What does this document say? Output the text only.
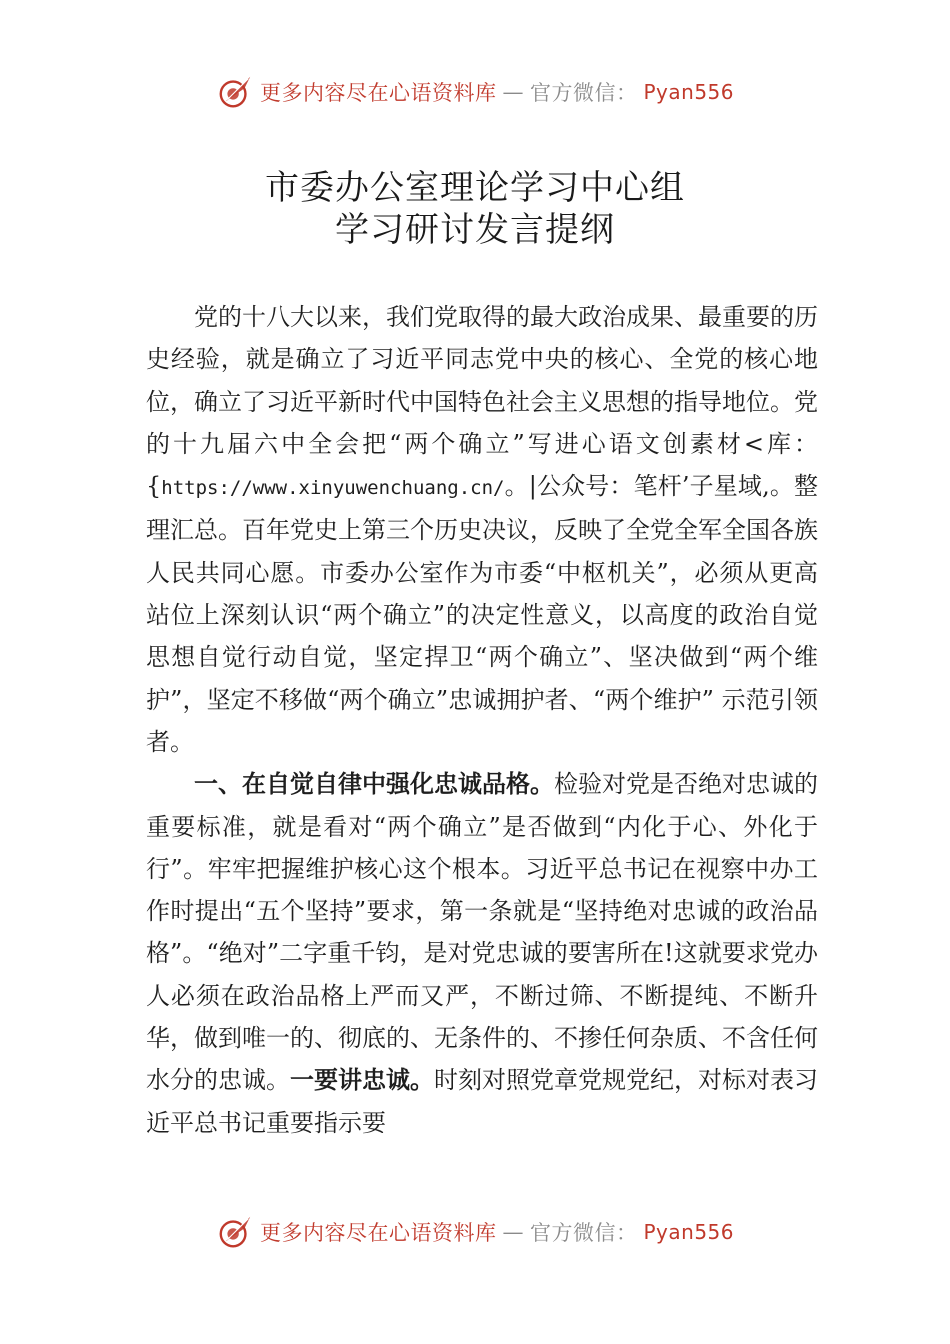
更多内容尽在心语资料库 — 官方微信： Pyan556
市委办公室理论学习中心组
学习研讨发言提纲

党的十八大以来，我们党取得的最大政治成果、最重要的历史经验，就是确立了习近平同志党中央的核心、全党的核心地位，确立了习近平新时代中国特色社会主义思想的指导地位。党的十九届六中全会把“两个确立”写进心语文创素材<库：{https://www.xinyuwenchuang.cn/。|公众号：笔杆’子星域,。整理汇总。百年党史上第三个历史决议，反映了全党全军全国各族人民共同心愿。市委办公室作为市委“中枢机关”，必须从更高站位上深刻认识“两个确立”的决定性意义，以高度的政治自觉思想自觉行动自觉，坚定捍卫“两个确立”、坚决做到“两个维护”，坚定不移做“两个确立”忠诚拥护者、“两个维护” 示范引领者。

一、在自觉自律中强化忠诚品格。检验对党是否绝对忠诚的重要标准，就是看对“两个确立”是否做到“内化于心、外化于行”。牢牢把握维护核心这个根本。习近平总书记在视察中办工作时提出“五个坚持”要求，第一条就是“坚持绝对忠诚的政治品格”。“绝对”二字重千钧，是对党忠诚的要害所在!这就要求党办人必须在政治品格上严而又严，不断过筛、不断提纯、不断升华，做到唯一的、彻底的、无条件的、不掺任何杂质、不含任何水分的忠诚。一要讲忠诚。时刻对照党章党规党纪，对标对表习近平总书记重要指示要

更多内容尽在心语资料库 — 官方微信： Pyan556
